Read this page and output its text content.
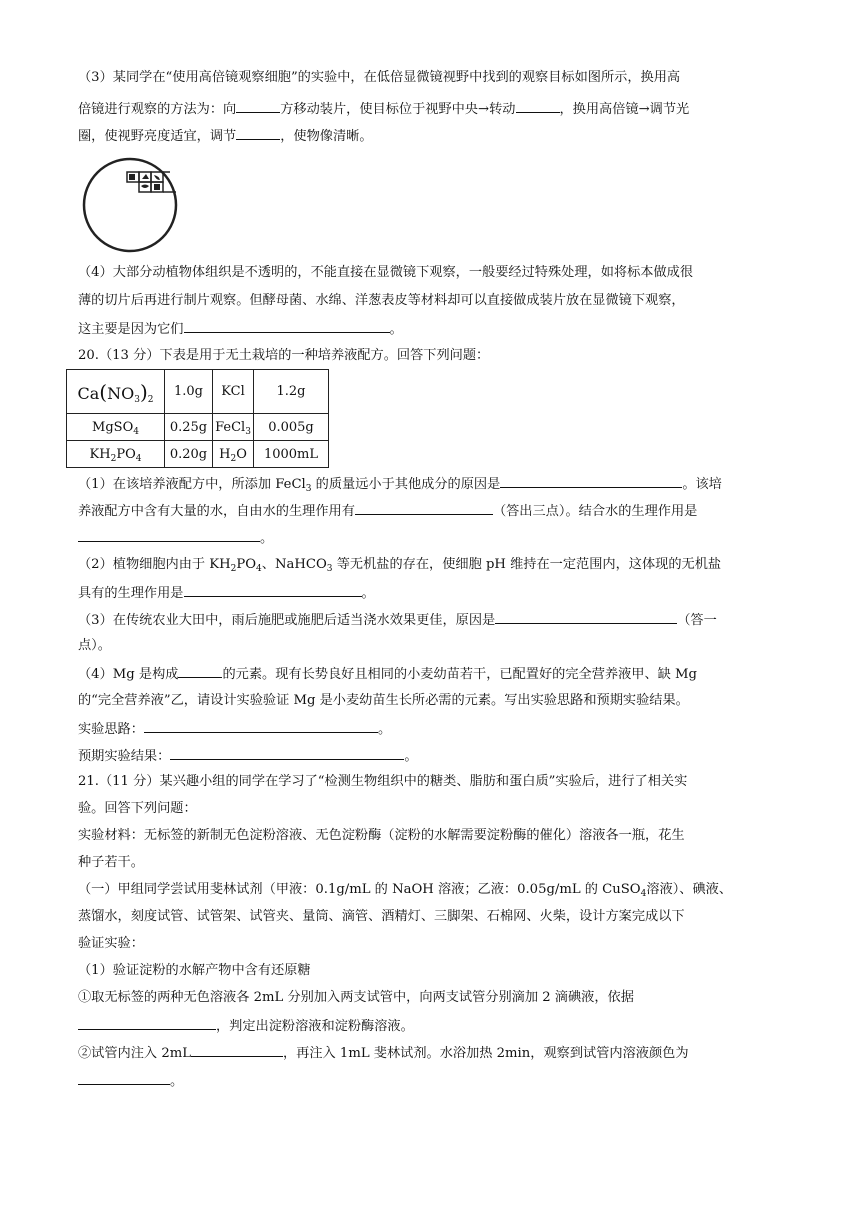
（3）某同学在“使用高倍镜观察细胞”的实验中，在低倍显微镜视野中找到的观察目标如图所示，换用高
倍镜进行观察的方法为：向	方移动装片，使目标位于视野中央→转动	，换用高倍镜→调节光
圈，使视野亮度适宜，调节	，使物像清晰。
（4）大部分动植物体组织是不透明的，不能直接在显微镜下观察，一般要经过特殊处理，如将标本做成很
薄的切片后再进行制片观察。但酵母菌、水绵、洋葱表皮等材料却可以直接做成装片放在显微镜下观察，
这主要是因为它们	。
20.（13 分）下表是用于无土栽培的一种培养液配方。回答下列问题：
$Ca(NO_3)_2$	1.0g	KCl	1.2g
MgSO$_4$	0.25g	FeCl$_3$	0.005g
$KH_2PO_4$	0.20g	$H_2O$	1000mL
（1）在该培养液配方中，所添加 FeCl$_3$ 的质量远小于其他成分的原因是	。该培
养液配方中含有大量的水，自由水的生理作用有	（答出三点）。结合水的生理作用是
。
（2）植物细胞内由于 $KH_2PO_4$、NaHCO$_3$ 等无机盐的存在，使细胞 pH 维持在一定范围内，这体现的无机盐
具有的生理作用是	。
（3）在传统农业大田中，雨后施肥或施肥后适当浇水效果更佳，原因是	（答一
点）。
（4）Mg 是构成	的元素。现有长势良好且相同的小麦幼苗若干，已配置好的完全营养液甲、缺 Mg
的“完全营养液”乙，请设计实验验证 Mg 是小麦幼苗生长所必需的元素。写出实验思路和预期实验结果。
实验思路：	。
预期实验结果：	。
21.（11 分）某兴趣小组的同学在学习了“检测生物组织中的糖类、脂肪和蛋白质”实验后，进行了相关实
验。回答下列问题：
实验材料：无标签的新制无色淀粉溶液、无色淀粉酶（淀粉的水解需要淀粉酶的催化）溶液各一瓶，花生
种子若干。
（一）甲组同学尝试用斐林试剂（甲液：0.1g/mL 的 NaOH 溶液；乙液：0.05g/mL 的 CuSO$_4$溶液）、碘液、
蒸馏水，刻度试管、试管架、试管夹、量筒、滴管、酒精灯、三脚架、石棉网、火柴，设计方案完成以下
验证实验：
（1）验证淀粉的水解产物中含有还原糖
①取无标签的两种无色溶液各 2mL 分别加入两支试管中，向两支试管分别滴加 2 滴碘液，依据
，判定出淀粉溶液和淀粉酶溶液。
②试管内注入 2mL	，再注入 1mL 斐林试剂。水浴加热 2min，观察到试管内溶液颜色为
。
